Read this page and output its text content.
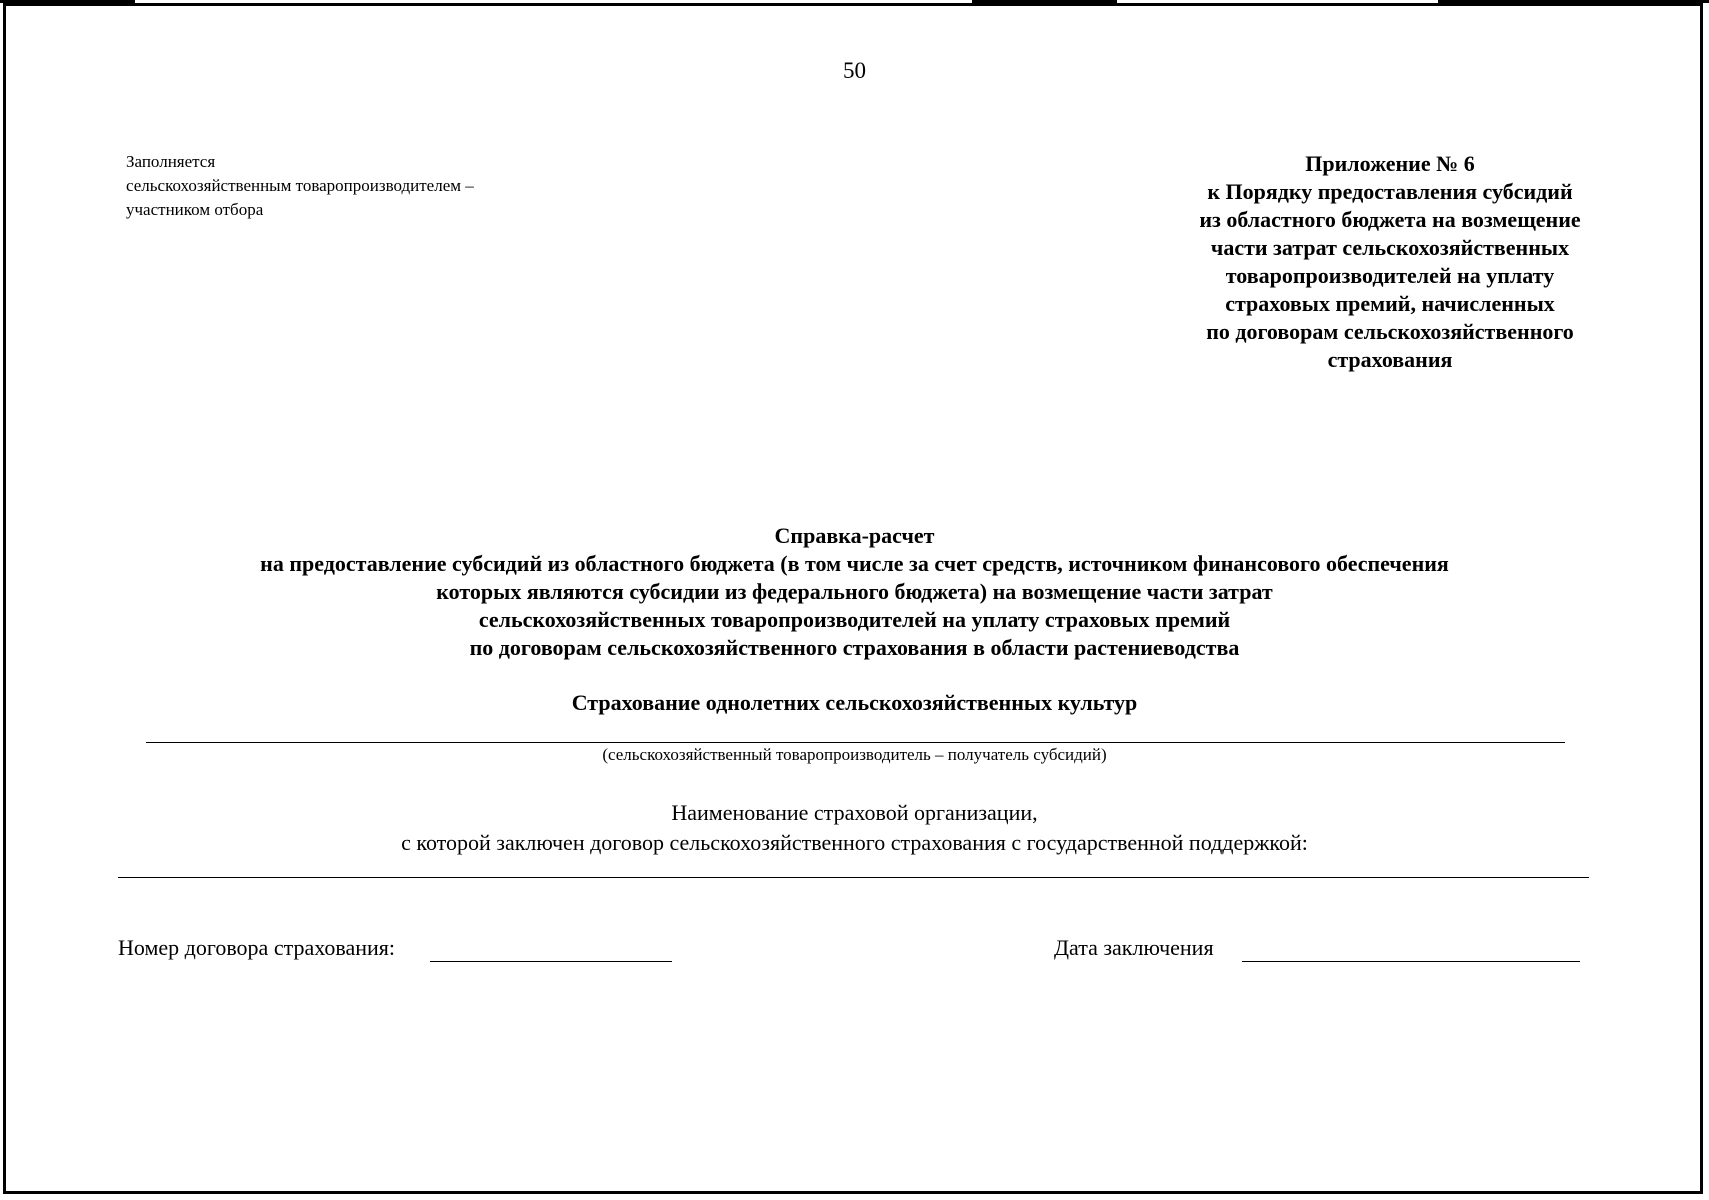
50
Заполняется
сельскохозяйственным товаропроизводителем –
участником отбора
Приложение № 6
к Порядку предоставления субсидий
из областного бюджета на возмещение
части затрат сельскохозяйственных
товаропроизводителей на уплату
страховых премий, начисленных
по договорам сельскохозяйственного
страхования
Справка-расчет
на предоставление субсидий из областного бюджета (в том числе за счет средств, источником финансового обеспечения
которых являются субсидии из федерального бюджета) на возмещение части затрат
сельскохозяйственных товаропроизводителей на уплату страховых премий
по договорам сельскохозяйственного страхования в области растениеводства
Страхование однолетних сельскохозяйственных культур
(сельскохозяйственный товаропроизводитель – получатель субсидий)
Наименование страховой организации,
с которой заключен договор сельскохозяйственного страхования с государственной поддержкой:
Номер договора страхования:	Дата заключения
